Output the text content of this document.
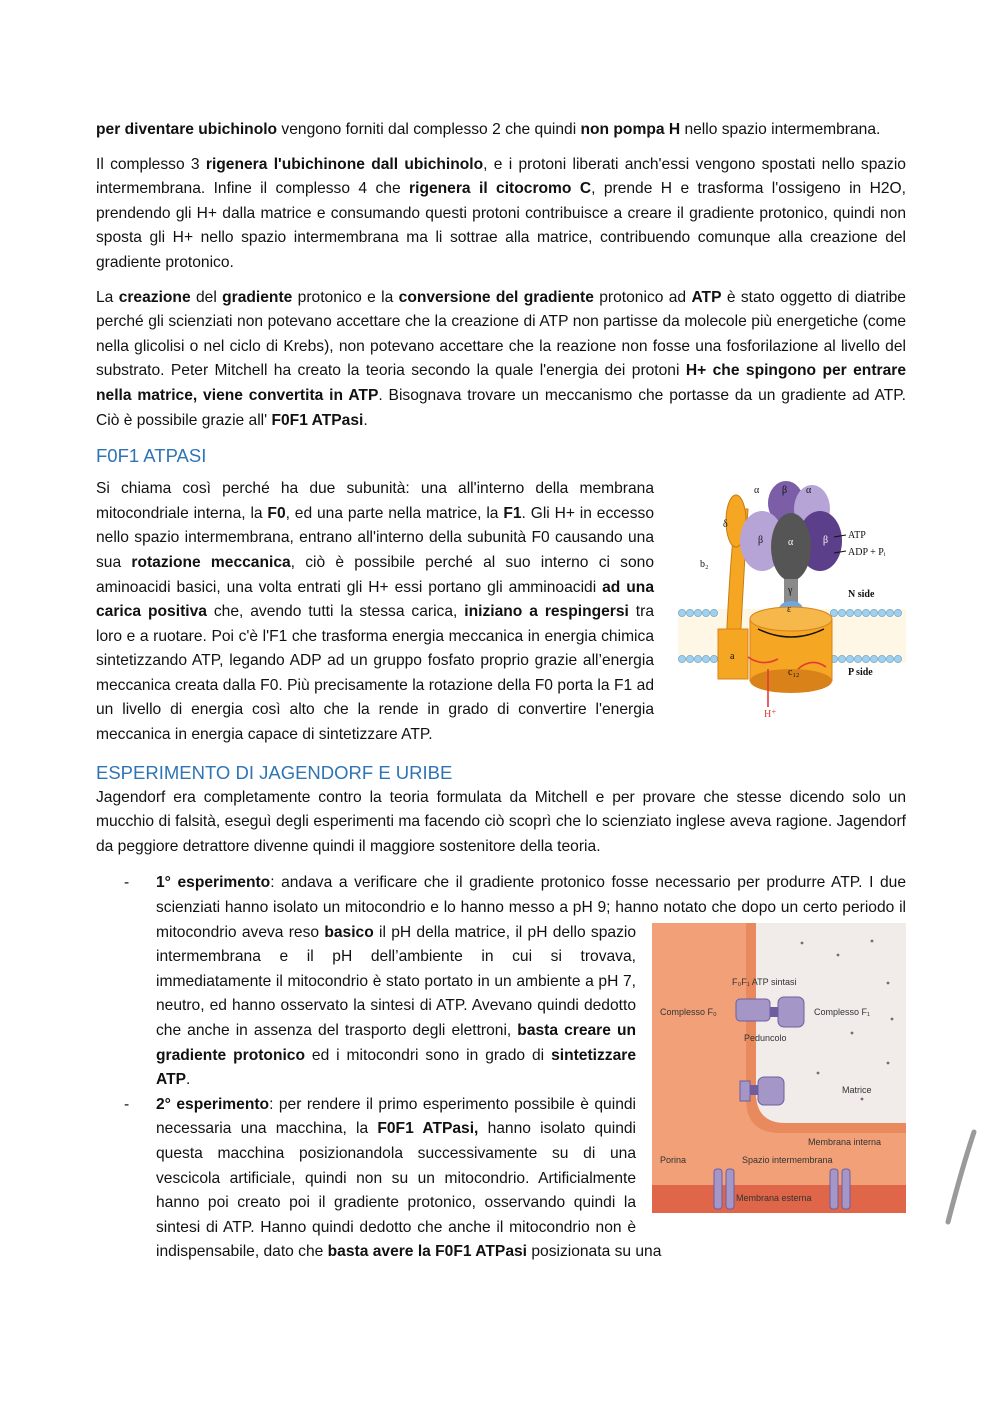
per diventare ubichinolo vengono forniti dal complesso 2 che quindi non pompa H nello spazio intermembrana.

Il complesso 3 rigenera l'ubichinone dall ubichinolo, e i protoni liberati anch'essi vengono spostati nello spazio intermembrana. Infine il complesso 4 che rigenera il citocromo C, prende H e trasforma l'ossigeno in H2O, prendendo gli H+ dalla matrice e consumando questi protoni contribuisce a creare il gradiente protonico, quindi non sposta gli H+ nello spazio intermembrana ma li sottrae alla matrice, contribuendo comunque alla creazione del gradiente protonico.

La creazione del gradiente protonico e la conversione del gradiente protonico ad ATP è stato oggetto di diatribe perché gli scienziati non potevano accettare che la creazione di ATP non partisse da molecole più energetiche (come nella glicolisi o nel ciclo di Krebs), non potevano accettare che la reazione non fosse una fosforilazione al livello del substrato. Peter Mitchell ha creato la teoria secondo la quale l'energia dei protoni H+ che spingono per entrare nella matrice, viene convertita in ATP. Bisognava trovare un meccanismo che portasse da un gradiente ad ATP. Ciò è possibile grazie all' F0F1 ATPasi.

F0F1 ATPASI

Si chiama così perché ha due subunità: una all'interno della membrana mitocondriale interna, la F0, ed una parte nella matrice, la F1. Gli H+ in eccesso nello spazio intermembrana, entrano all'interno della subunità F0 causando una sua rotazione meccanica, ciò è possibile perché al suo interno ci sono aminoacidi basici, una volta entrati gli H+ essi portano gli amminoacidi ad una carica positiva che, avendo tutti la stessa carica, iniziano a respingersi tra loro e a ruotare. Poi c'è l'F1 che trasforma energia meccanica in energia chimica sintetizzando ATP, legando ADP ad un gruppo fosfato proprio grazie all’energia meccanica creata dalla F0. Più precisamente la rotazione della F0 porta la F1 ad un livello di energia così alto che la rende in grado di convertire l'energia meccanica in energia capace di sintetizzare ATP.

δ
α β α
β α	β
γ
ε
b₂
a
c₁₂
ATP
ADP + Pᵢ
N side
P side
H⁺
ESPERIMENTO DI JAGENDORF E URIBE

Jagendorf era completamente contro la teoria formulata da Mitchell e per provare che stesse dicendo solo un mucchio di falsità, eseguì degli esperimenti ma facendo ciò scoprì che lo scienziato inglese aveva ragione. Jagendorf da peggiore detrattore divenne quindi il maggiore sostenitore della teoria.

- 1° esperimento: andava a verificare che il gradiente protonico fosse necessario per produrre ATP. I due scienziati hanno isolato un mitocondrio e lo hanno messo a pH 9; hanno notato che dopo un certo periodo il mitocondrio aveva reso
F₀F₁ ATP sintasi
Complesso F₀	Complesso F₁
Peduncolo
Matrice
Membrana interna
Porina	Spazio intermembrana
Membrana esterna
basico il pH della matrice, il pH dello spazio intermembrana e il pH dell’ambiente in cui si trovava, immediatamente il mitocondrio è stato portato in un ambiente a pH 7, neutro, ed hanno osservato la sintesi di ATP. Avevano quindi dedotto che anche in assenza del trasporto degli elettroni, basta creare un gradiente protonico ed i mitocondri sono in grado di sintetizzare ATP.

- 2° esperimento: per rendere il primo esperimento possibile è quindi necessaria una macchina, la F0F1 ATPasi, hanno isolato quindi questa macchina posizionandola successivamente su di una vescicola artificiale, quindi non su un mitocondrio. Artificialmente hanno poi creato poi il gradiente protonico, osservando quindi la sintesi di ATP. Hanno quindi dedotto che anche il mitocondrio non è indispensabile, dato che basta avere la F0F1 ATPasi posizionata su una
